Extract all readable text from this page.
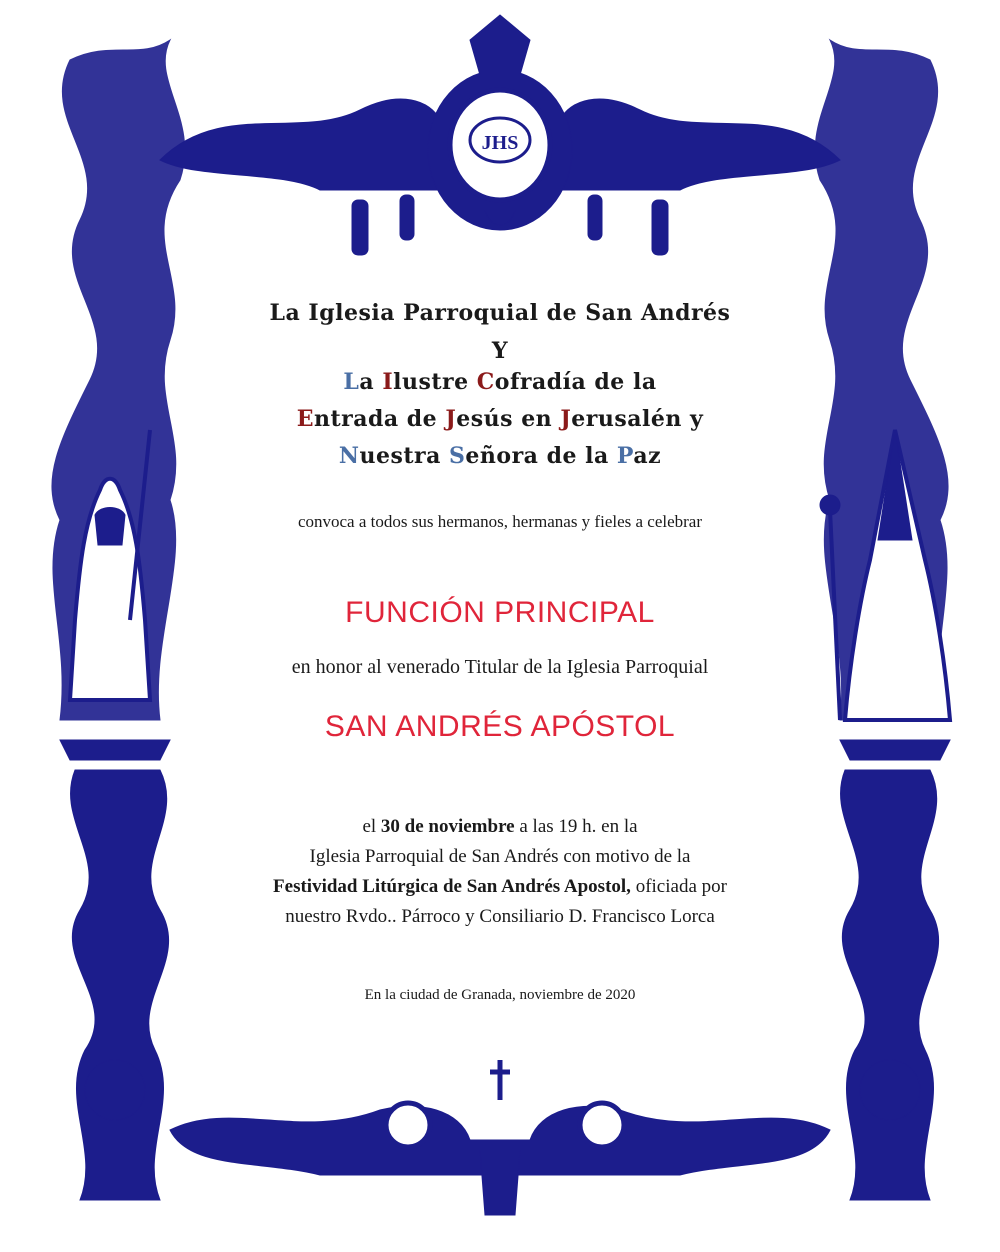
JHS
La Iglesia Parroquial de San Andrés
Y
La Ilustre Cofradía de la
Entrada de Jesús en Jerusalén y
Nuestra Señora de la Paz
convoca a todos sus hermanos, hermanas y fieles a celebrar
FUNCIÓN PRINCIPAL
en honor al venerado Titular de la Iglesia Parroquial
SAN ANDRÉS APÓSTOL
el 30 de noviembre a las 19 h. en la
Iglesia Parroquial de San Andrés con motivo de la
Festividad Litúrgica de San Andrés Apostol, oficiada por
nuestro Rvdo.. Párroco y Consiliario D. Francisco Lorca
En la ciudad de Granada, noviembre de 2020
